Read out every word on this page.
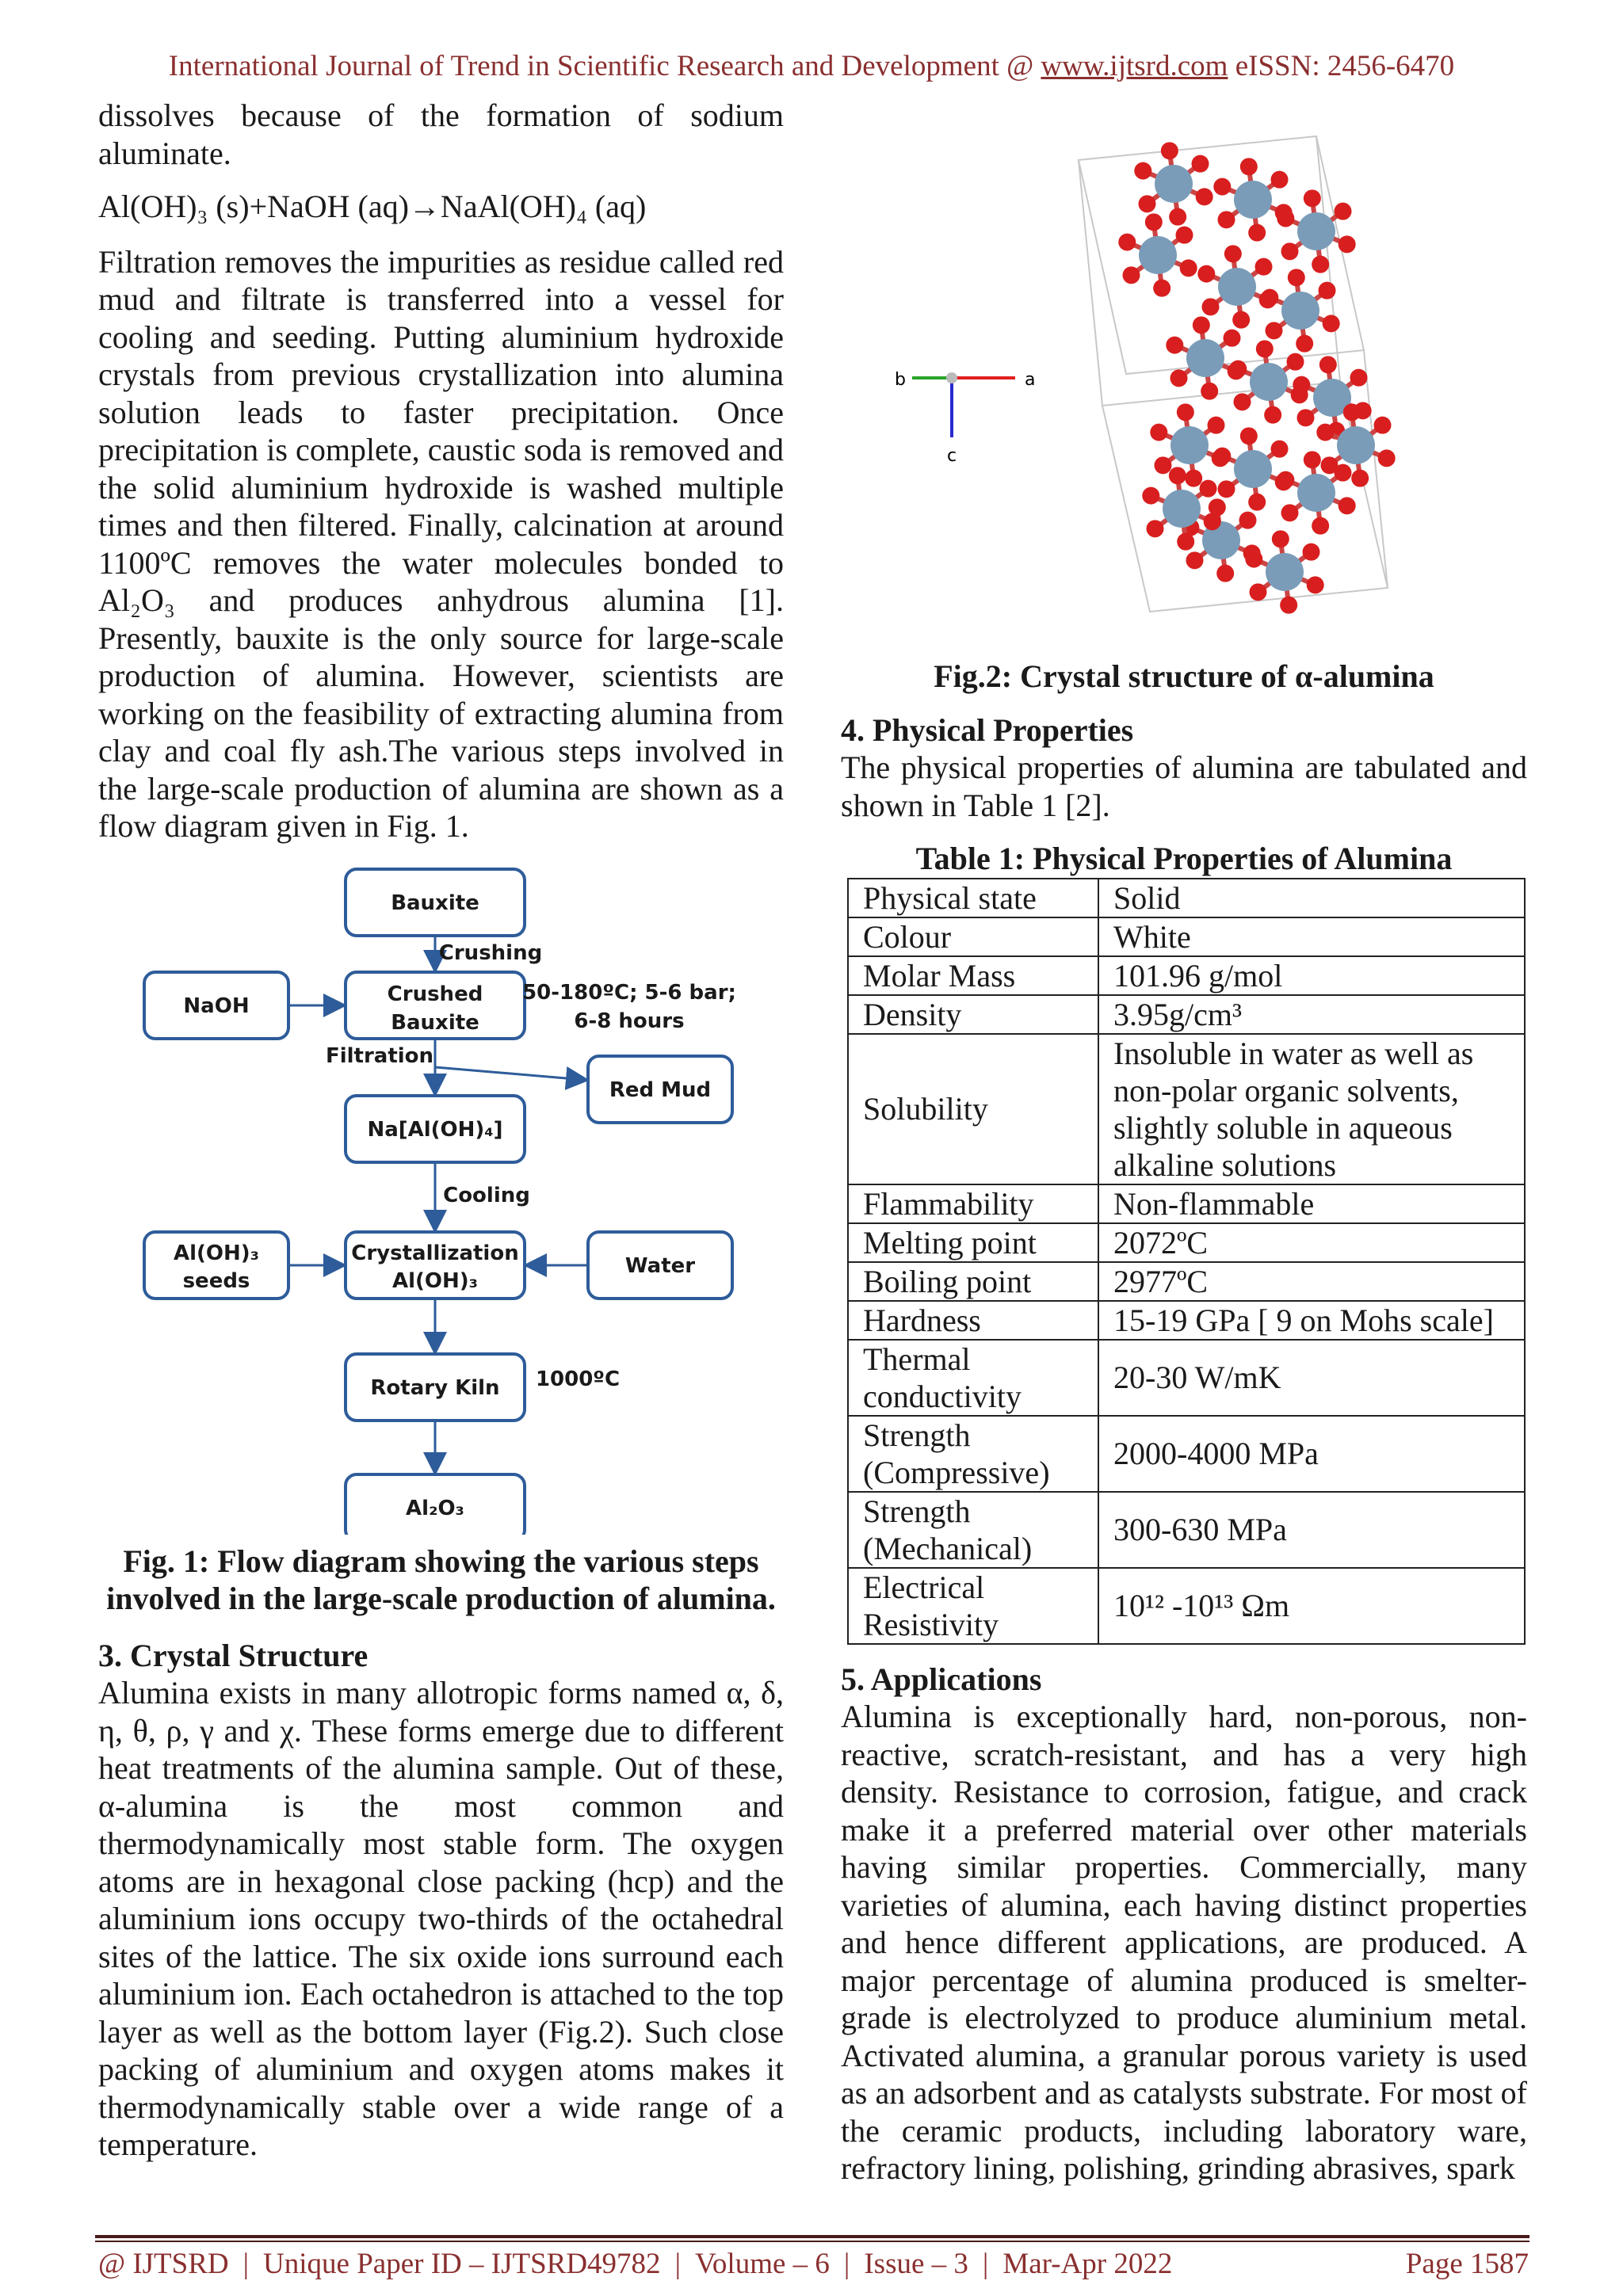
International Journal of Trend in Scientific Research and Development @ www.ijtsrd.com eISSN: 2456-6470

dissolves because of the formation of sodium aluminate.

Al(OH)₃ (s)+NaOH (aq)→NaAl(OH)₄ (aq)

Filtration removes the impurities as residue called red mud and filtrate is transferred into a vessel for cooling and seeding. Putting aluminium hydroxide crystals from previous crystallization into alumina solution leads to faster precipitation. Once precipitation is complete, caustic soda is removed and the solid aluminium hydroxide is washed multiple times and then filtered. Finally, calcination at around 1100ºC removes the water molecules bonded to Al₂O₃ and produces anhydrous alumina [1]. Presently, bauxite is the only source for large-scale production of alumina. However, scientists are working on the feasibility of extracting alumina from clay and coal fly ash.The various steps involved in the large-scale production of alumina are shown as a flow diagram given in Fig. 1.

Bauxite
Crushing
Crushed
Bauxite
50-180ºC; 5-6 bar;
6-8 hours
NaOH
Filtration
Red Mud
Na[Al(OH)₄]
Cooling
Al(OH)₃
seeds
Crystallization
Al(OH)₃
Water
Rotary Kiln 1000ºC
Al₂O₃

Fig. 1: Flow diagram showing the various steps involved in the large-scale production of alumina.

3. Crystal Structure

Alumina exists in many allotropic forms named α, δ, η, θ, ρ, γ and χ. These forms emerge due to different heat treatments of the alumina sample. Out of these, α-alumina is the most common and thermodynamically most stable form. The oxygen atoms are in hexagonal close packing (hcp) and the aluminium ions occupy two-thirds of the octahedral sites of the lattice. The six oxide ions surround each aluminium ion. Each octahedron is attached to the top layer as well as the bottom layer (Fig.2). Such close packing of aluminium and oxygen atoms makes it thermodynamically stable over a wide range of a temperature.

b	a
c

Fig.2: Crystal structure of α-alumina

4. Physical Properties

The physical properties of alumina are tabulated and shown in Table 1 [2].

Table 1: Physical Properties of Alumina

Physical state	Solid
Colour	White
Molar Mass	101.96 g/mol
Density	3.95g/cm³
Solubility	Insoluble in water as well as non-polar organic solvents, slightly soluble in aqueous alkaline solutions
Flammability	Non-flammable
Melting point	2072ºC
Boiling point	2977ºC
Hardness	15-19 GPa [ 9 on Mohs scale]
Thermal conductivity	20-30 W/mK
Strength (Compressive)	2000-4000 MPa
Strength (Mechanical)	300-630 MPa
Electrical Resistivity	10¹² -10¹³ Ωm

5. Applications

Alumina is exceptionally hard, non-porous, non-reactive, scratch-resistant, and has a very high density. Resistance to corrosion, fatigue, and crack make it a preferred material over other materials having similar properties. Commercially, many varieties of alumina, each having distinct properties and hence different applications, are produced. A major percentage of alumina produced is smelter-grade is electrolyzed to produce aluminium metal. Activated alumina, a granular porous variety is used as an adsorbent and as catalysts substrate. For most of the ceramic products, including laboratory ware, refractory lining, polishing, grinding abrasives, spark

@ IJTSRD | Unique Paper ID – IJTSRD49782 | Volume – 6 | Issue – 3 | Mar-Apr 2022	Page 1587
